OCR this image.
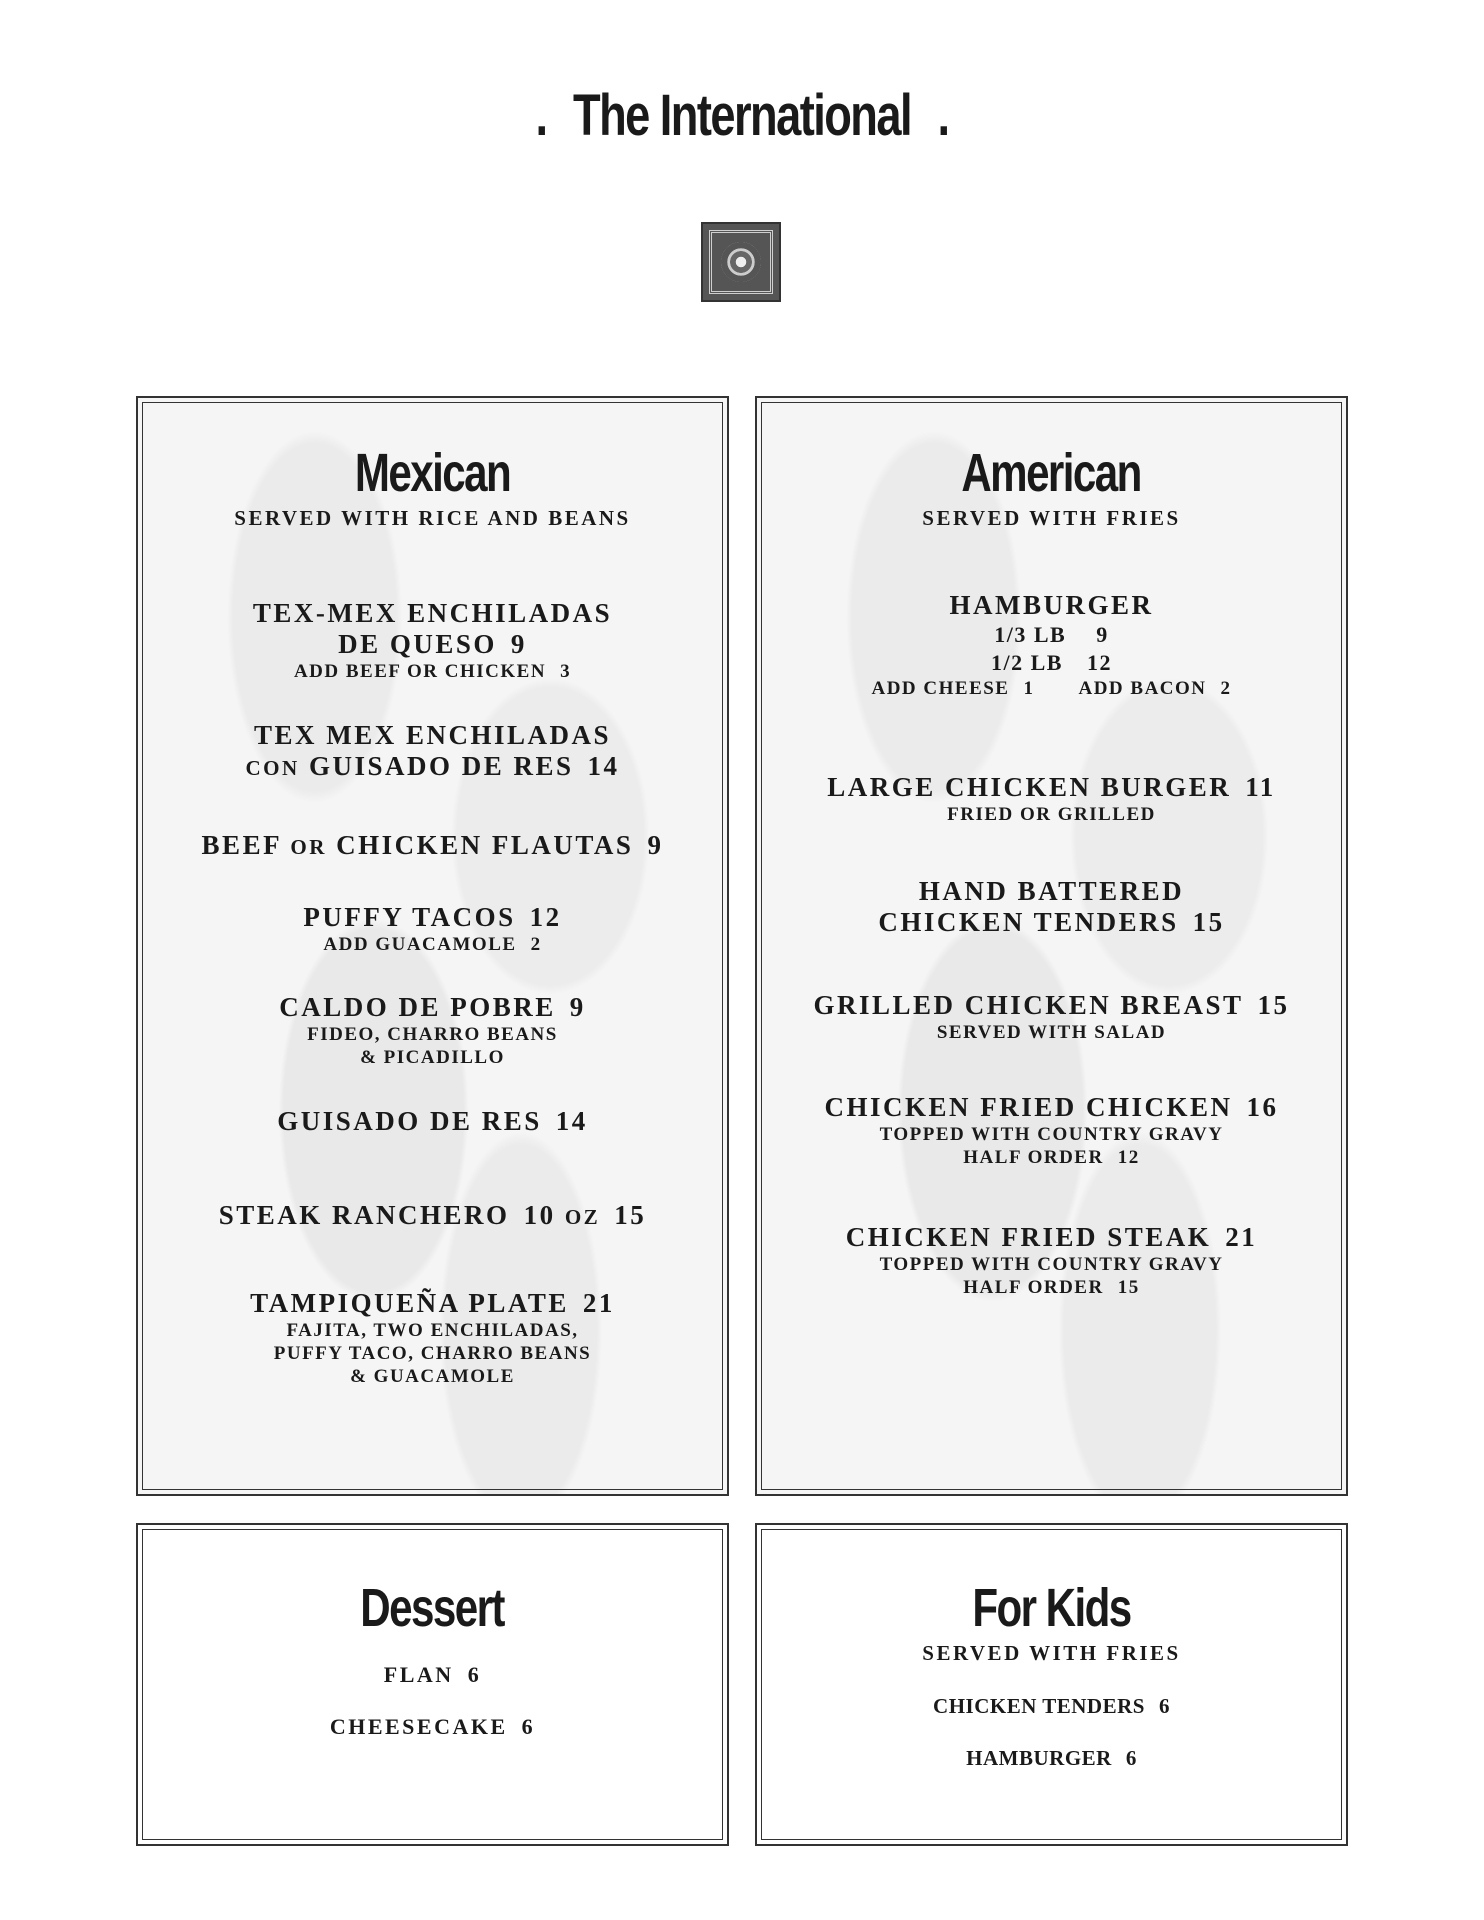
. The International .
Mexican
SERVED WITH RICE AND BEANS
TEX-MEX ENCHILADAS
DE QUESO 9
ADD BEEF OR CHICKEN 3
TEX MEX ENCHILADAS
CON GUISADO DE RES 14
BEEF OR CHICKEN FLAUTAS 9
PUFFY TACOS 12
ADD GUACAMOLE 2
CALDO DE POBRE 9
FIDEO, CHARRO BEANS
& PICADILLO
GUISADO DE RES 14
STEAK RANCHERO 10 OZ 15
TAMPIQUEÑA PLATE 21
FAJITA, TWO ENCHILADAS,
PUFFY TACO, CHARRO BEANS
& GUACAMOLE
American
SERVED WITH FRIES
HAMBURGER
1/3 LB 9
1/2 LB 12
ADD CHEESE 1 ADD BACON 2
LARGE CHICKEN BURGER 11
FRIED OR GRILLED
HAND BATTERED
CHICKEN TENDERS 15
GRILLED CHICKEN BREAST 15
SERVED WITH SALAD
CHICKEN FRIED CHICKEN 16
TOPPED WITH COUNTRY GRAVY
HALF ORDER 12
CHICKEN FRIED STEAK 21
TOPPED WITH COUNTRY GRAVY
HALF ORDER 15
Dessert
FLAN 6
CHEESECAKE 6
For Kids
SERVED WITH FRIES
CHICKEN TENDERS 6
HAMBURGER 6
